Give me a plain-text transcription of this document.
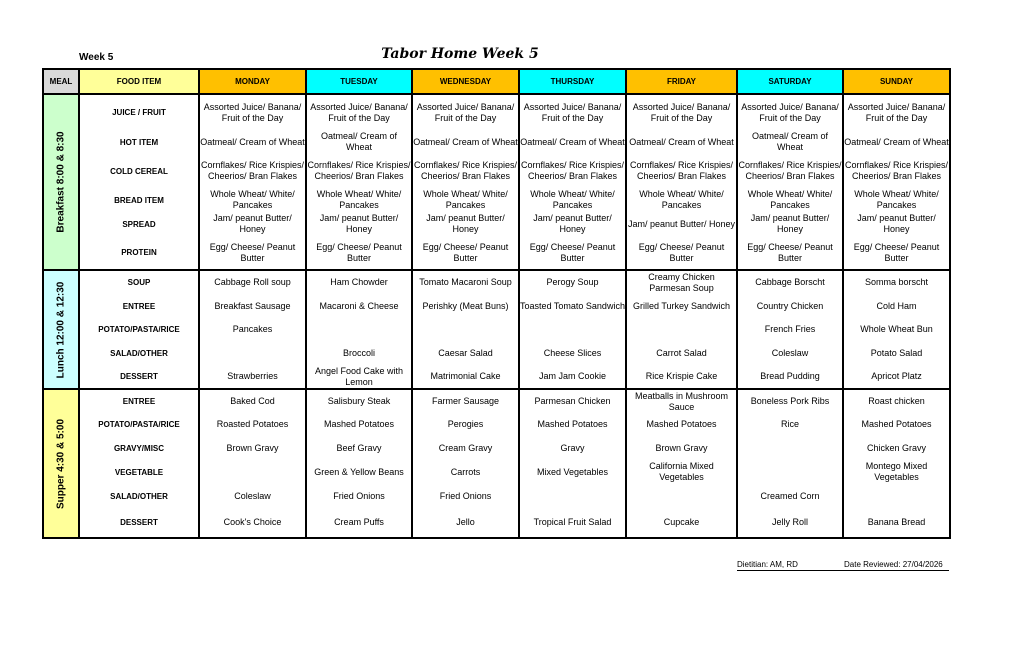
Week 5	Tabor Home Week 5
MEAL	FOOD ITEM	MONDAY	TUESDAY	WEDNESDAY	THURSDAY	FRIDAY	SATURDAY	SUNDAY

Breakfast 8:00 & 8:30	JUICE / FRUIT	Assorted Juice/ Banana/ Fruit of the Day	Assorted Juice/ Banana/ Fruit of the Day	Assorted Juice/ Banana/ Fruit of the Day	Assorted Juice/ Banana/ Fruit of the Day	Assorted Juice/ Banana/ Fruit of the Day	Assorted Juice/ Banana/ Fruit of the Day	Assorted Juice/ Banana/ Fruit of the Day
	HOT ITEM	Oatmeal/ Cream of Wheat	Oatmeal/ Cream of Wheat	Oatmeal/ Cream of Wheat	Oatmeal/ Cream of Wheat	Oatmeal/ Cream of Wheat	Oatmeal/ Cream of Wheat	Oatmeal/ Cream of Wheat
	COLD CEREAL	Cornflakes/ Rice Krispies/ Cheerios/ Bran Flakes	Cornflakes/ Rice Krispies/ Cheerios/ Bran Flakes	Cornflakes/ Rice Krispies/ Cheerios/ Bran Flakes	Cornflakes/ Rice Krispies/ Cheerios/ Bran Flakes	Cornflakes/ Rice Krispies/ Cheerios/ Bran Flakes	Cornflakes/ Rice Krispies/ Cheerios/ Bran Flakes	Cornflakes/ Rice Krispies/ Cheerios/ Bran Flakes
	BREAD ITEM	Whole Wheat/ White/ Pancakes	Whole Wheat/ White/ Pancakes	Whole Wheat/ White/ Pancakes	Whole Wheat/ White/ Pancakes	Whole Wheat/ White/ Pancakes	Whole Wheat/ White/ Pancakes	Whole Wheat/ White/ Pancakes
	SPREAD	Jam/ peanut Butter/ Honey	Jam/ peanut Butter/ Honey	Jam/ peanut Butter/ Honey	Jam/ peanut Butter/ Honey	Jam/ peanut Butter/ Honey	Jam/ peanut Butter/ Honey	Jam/ peanut Butter/ Honey
	PROTEIN	Egg/ Cheese/ Peanut Butter	Egg/ Cheese/ Peanut Butter	Egg/ Cheese/ Peanut Butter	Egg/ Cheese/ Peanut Butter	Egg/ Cheese/ Peanut Butter	Egg/ Cheese/ Peanut Butter	Egg/ Cheese/ Peanut Butter

Lunch 12:00 & 12:30	SOUP	Cabbage Roll soup	Ham Chowder	Tomato Macaroni Soup	Perogy Soup	Creamy Chicken Parmesan Soup	Cabbage Borscht	Somma borscht
	ENTREE	Breakfast Sausage	Macaroni & Cheese	Perishky (Meat Buns)	Toasted Tomato Sandwich	Grilled Turkey Sandwich	Country Chicken	Cold Ham
	POTATO/PASTA/RICE	Pancakes					French Fries	Whole Wheat Bun
	SALAD/OTHER		Broccoli	Caesar Salad	Cheese Slices	Carrot Salad	Coleslaw	Potato Salad
	DESSERT	Strawberries	Angel Food Cake with Lemon	Matrimonial Cake	Jam Jam Cookie	Rice Krispie Cake	Bread Pudding	Apricot Platz

Supper 4:30 & 5:00	ENTREE	Baked Cod	Salisbury Steak	Farmer Sausage	Parmesan Chicken	Meatballs in Mushroom Sauce	Boneless Pork Ribs	Roast chicken
	POTATO/PASTA/RICE	Roasted Potatoes	Mashed Potatoes	Perogies	Mashed Potatoes	Mashed Potatoes	Rice	Mashed Potatoes
	GRAVY/MISC	Brown Gravy	Beef Gravy	Cream Gravy	Gravy	Brown Gravy		Chicken Gravy
	VEGETABLE		Green & Yellow Beans	Carrots	Mixed Vegetables	California Mixed Vegetables		Montego Mixed Vegetables
	SALAD/OTHER	Coleslaw	Fried Onions	Fried Onions			Creamed Corn	
	DESSERT	Cook's Choice	Cream Puffs	Jello	Tropical Fruit Salad	Cupcake	Jelly Roll	Banana Bread
Dietitian: AM, RD	Date Reviewed: 27/04/2026
